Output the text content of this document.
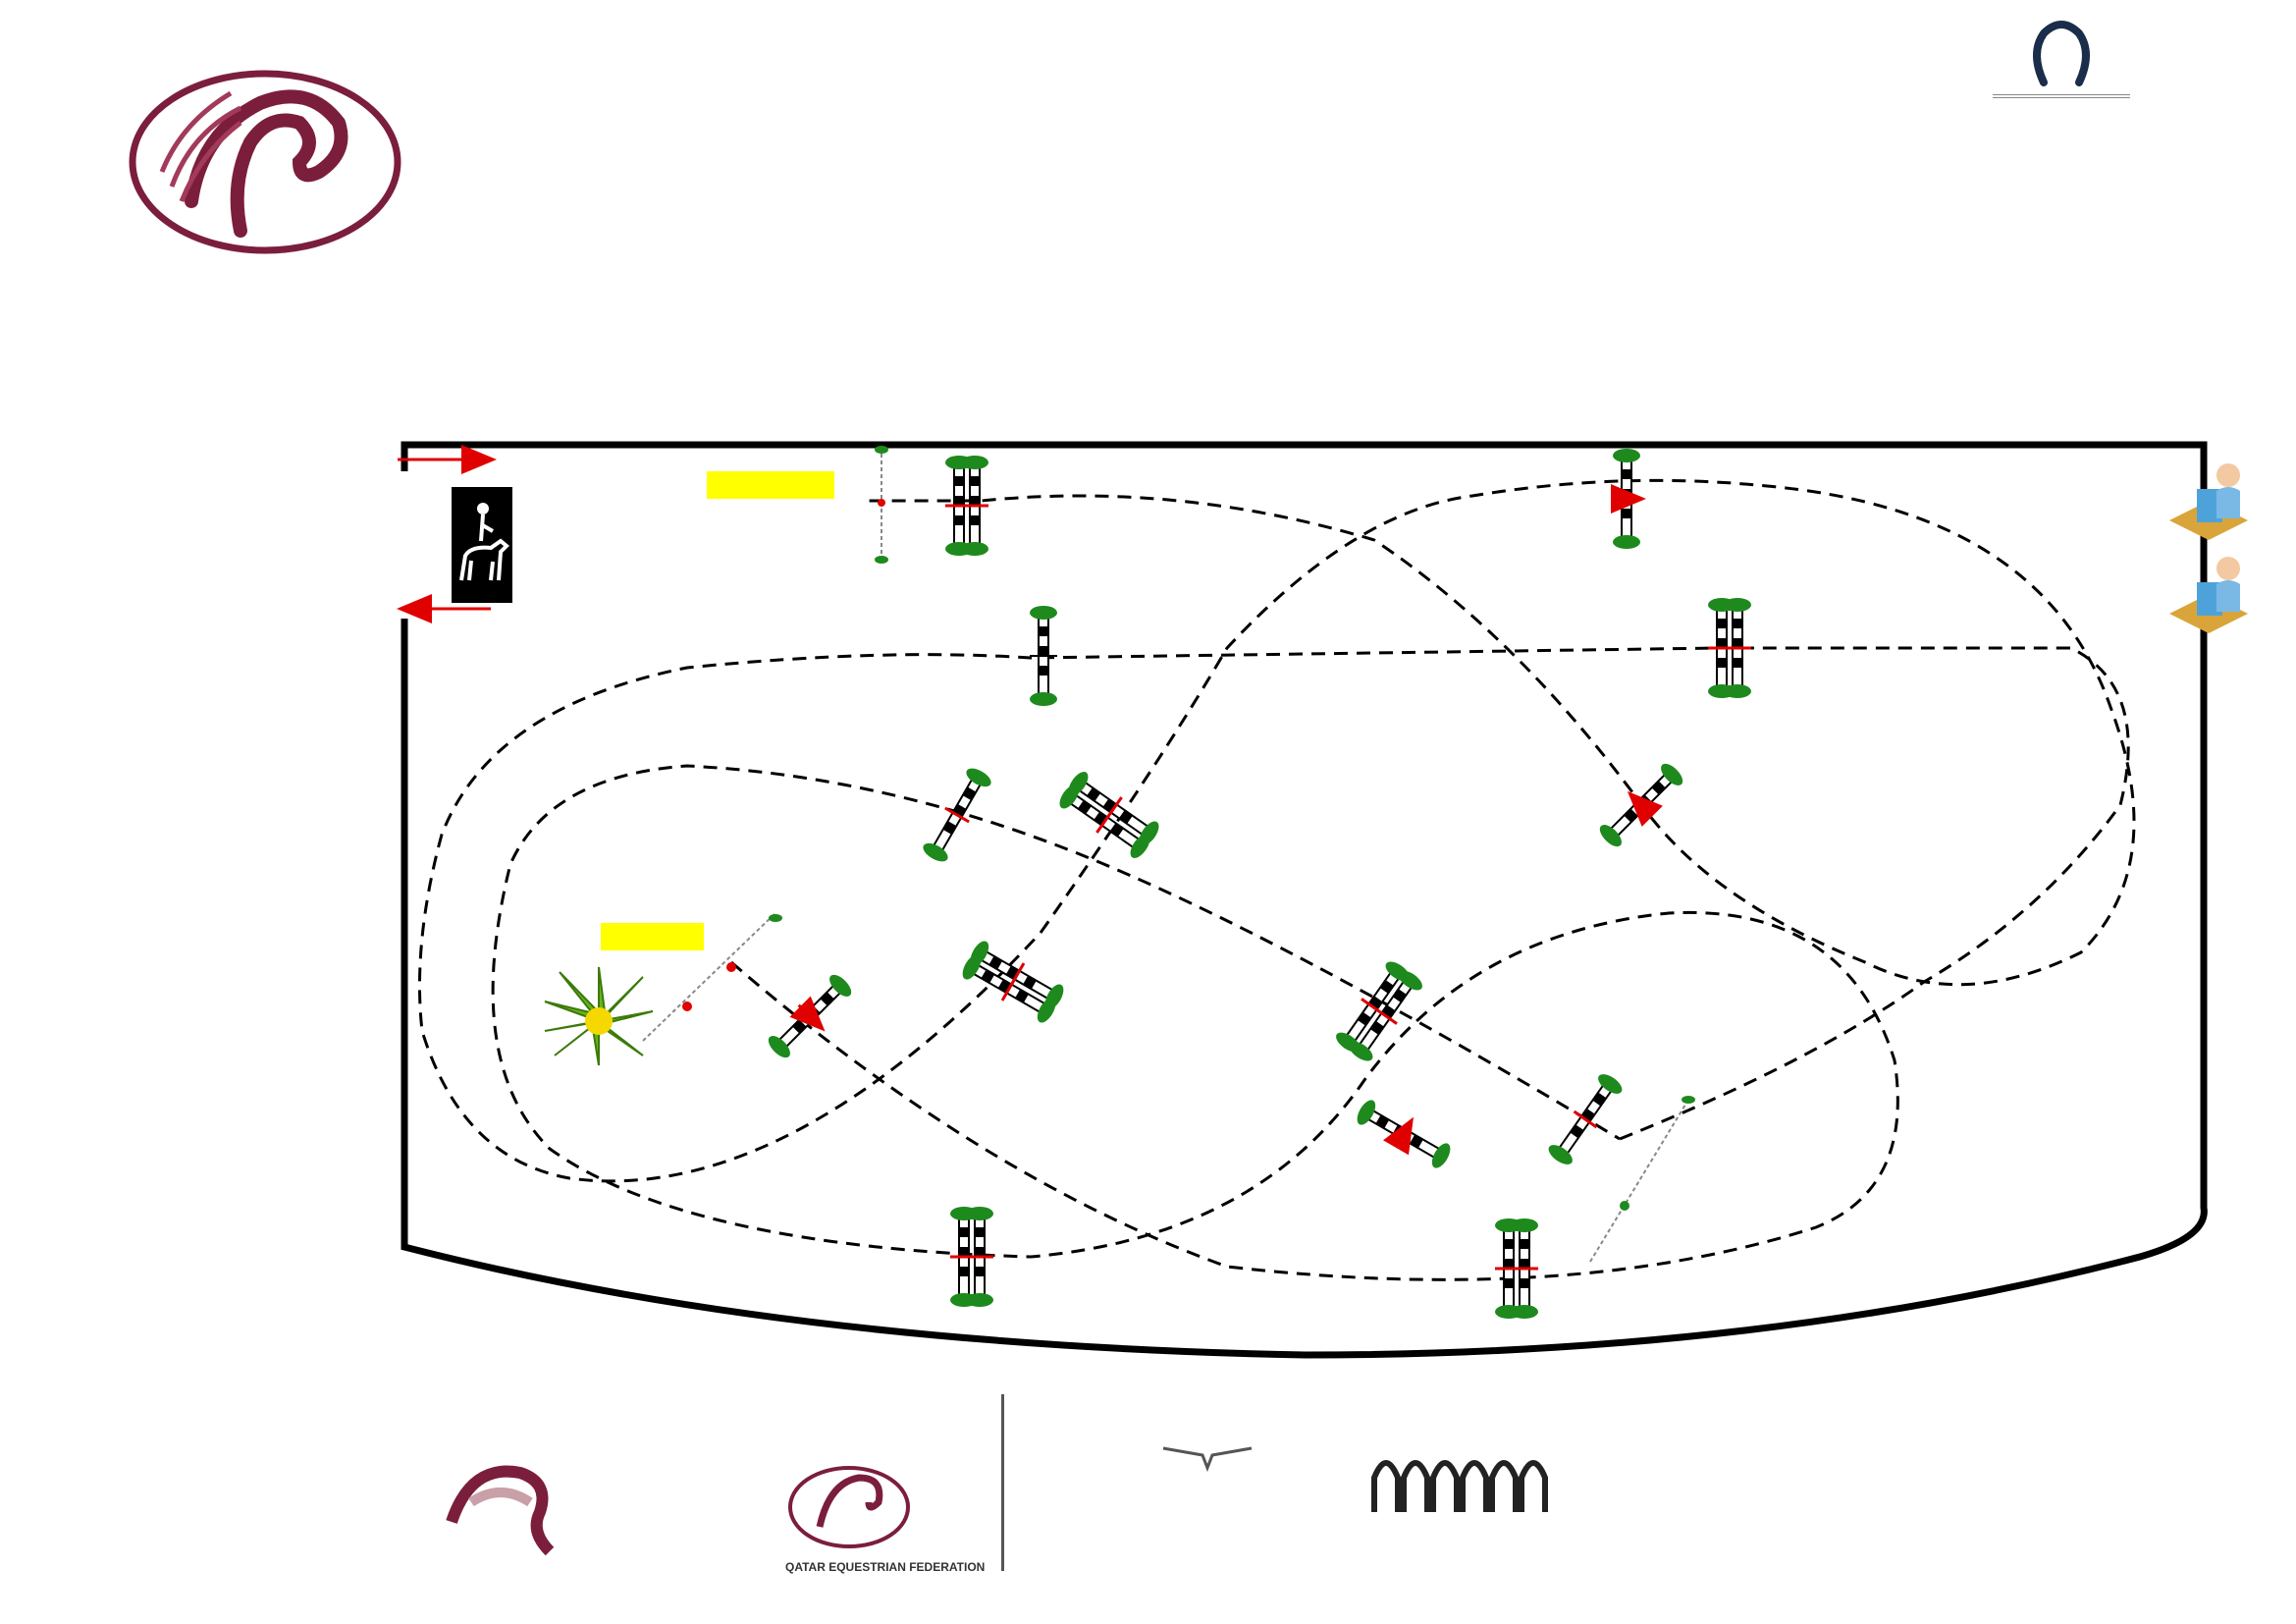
QATAR EQUESTRIAN FEDERATION
